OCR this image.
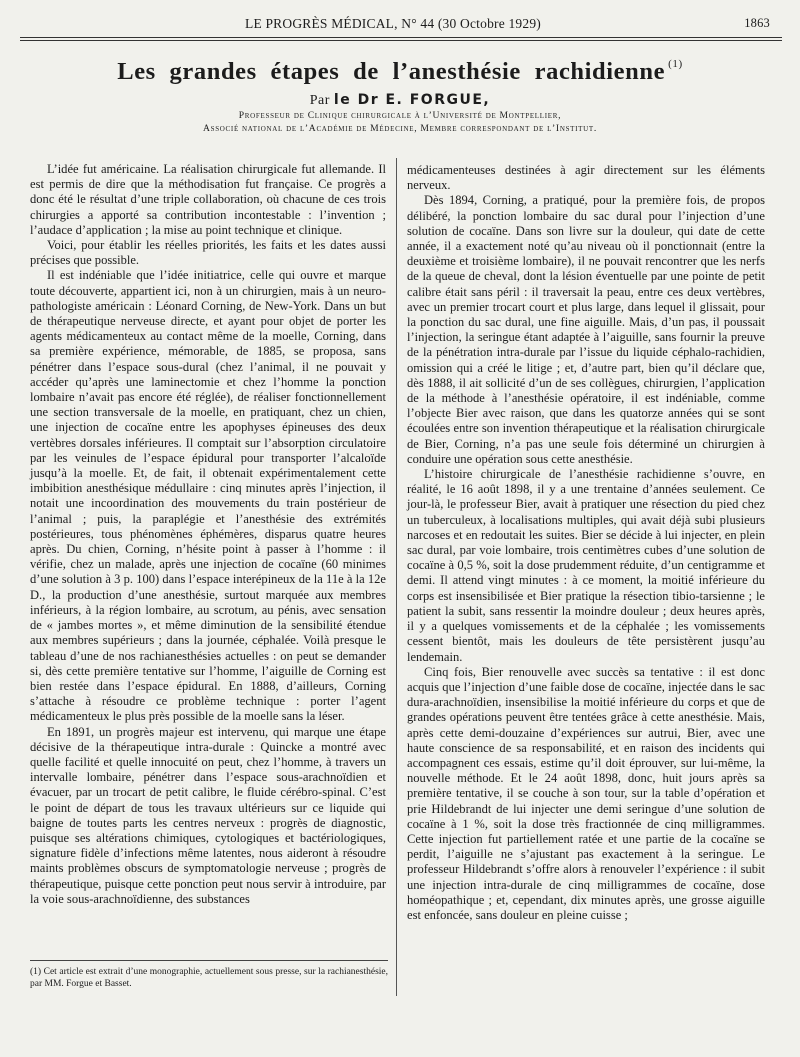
LE PROGRÈS MÉDICAL, N° 44 (30 Octobre 1929)	1863
Les grandes étapes de l’anesthésie rachidienne $^{(1)}$
Par le Dr E. FORGUE,
Professeur de Clinique chirurgicale à l’Université de Montpellier,
Associé national de l’Académie de Médecine, Membre correspondant de l’Institut.

L’idée fut américaine. La réalisation chirurgicale fut allemande. Il est permis de dire que la méthodisation fut française. Ce progrès a donc été le résultat d’une triple collaboration, où chacune de ces trois chirurgies a apporté sa contribution incontestable : l’invention ; l’audace d’application ; la mise au point technique et clinique.

Voici, pour établir les réelles priorités, les faits et les dates aussi précises que possible.

Il est indéniable que l’idée initiatrice, celle qui ouvre et marque toute découverte, appartient ici, non à un chirurgien, mais à un neuro-pathologiste américain : Léonard Corning, de New-York. Dans un but de thérapeutique nerveuse directe, et ayant pour objet de porter les agents médicamenteux au contact même de la moelle, Corning, dans sa première expérience, mémorable, de 1885, se proposa, sans pénétrer dans l’espace sous-dural (chez l’animal, il ne pouvait y accéder qu’après une laminectomie et chez l’homme la ponction lombaire n’avait pas encore été réglée), de réaliser fonctionnellement une section transversale de la moelle, en pratiquant, chez un chien, une injection de cocaïne entre les apophyses épineuses des deux vertèbres dorsales inférieures. Il comptait sur l’absorption circulatoire par les veinules de l’espace épidural pour transporter l’alcaloïde jusqu’à la moelle. Et, de fait, il obtenait expérimentalement cette imbibition anesthésique médullaire : cinq minutes après l’injection, il notait une incoordination des mouvements du train postérieur de l’animal ; puis, la paraplégie et l’anesthésie des extrémités postérieures, tous phénomènes éphémères, disparus quatre heures après. Du chien, Corning, n’hésite point à passer à l’homme : il vérifie, chez un malade, après une injection de cocaïne (60 minimes d’une solution à 3 p. 100) dans l’espace interépineux de la 11e à la 12e D., la production d’une anesthésie, surtout marquée aux membres inférieurs, à la région lombaire, au scrotum, au pénis, avec sensation de « jambes mortes », et même diminution de la sensibilité étendue aux membres supérieurs ; dans la journée, céphalée. Voilà presque le tableau d’une de nos rachianesthésies actuelles : on peut se demander si, dès cette première tentative sur l’homme, l’aiguille de Corning est bien restée dans l’espace épidural. En 1888, d’ailleurs, Corning s’attache à résoudre ce problème technique : porter l’agent médicamenteux le plus près possible de la moelle sans la léser.

En 1891, un progrès majeur est intervenu, qui marque une étape décisive de la thérapeutique intra-durale : Quincke a montré avec quelle facilité et quelle innocuité on peut, chez l’homme, à travers un intervalle lombaire, pénétrer dans l’espace sous-arachnoïdien et évacuer, par un trocart de petit calibre, le fluide cérébro-spinal. C’est le point de départ de tous les travaux ultérieurs sur ce liquide qui baigne de toutes parts les centres nerveux : progrès de diagnostic, puisque ses altérations chimiques, cytologiques et bactériologiques, signature fidèle d’infections même latentes, nous aideront à résoudre maints problèmes obscurs de symptomatologie nerveuse ; progrès de thérapeutique, puisque cette ponction peut nous servir à introduire, par la voie sous-arachnoïdienne, des substances

médicamenteuses destinées à agir directement sur les éléments nerveux.

Dès 1894, Corning, a pratiqué, pour la première fois, de propos délibéré, la ponction lombaire du sac dural pour l’injection d’une solution de cocaïne. Dans son livre sur la douleur, qui date de cette année, il a exactement noté qu’au niveau où il ponctionnait (entre la deuxième et troisième lombaire), il ne pouvait rencontrer que les nerfs de la queue de cheval, dont la lésion éventuelle par une pointe de petit calibre était sans péril : il traversait la peau, entre ces deux vertèbres, avec un premier trocart court et plus large, dans lequel il glissait, pour la ponction du sac dural, une fine aiguille. Mais, d’un pas, il poussait l’injection, la seringue étant adaptée à l’aiguille, sans fournir la preuve de la pénétration intra-durale par l’issue du liquide céphalo-rachidien, omission qui a créé le litige ; et, d’autre part, bien qu’il déclare que, dès 1888, il ait sollicité d’un de ses collègues, chirurgien, l’application de la méthode à l’anesthésie opératoire, il est indéniable, comme l’objecte Bier avec raison, que dans les quatorze années qui se sont écoulées entre son invention thérapeutique et la réalisation chirurgicale de Bier, Corning, n’a pas une seule fois déterminé un chirurgien à conduire une opération sous cette anesthésie.

L’histoire chirurgicale de l’anesthésie rachidienne s’ouvre, en réalité, le 16 août 1898, il y a une trentaine d’années seulement. Ce jour-là, le professeur Bier, avait à pratiquer une résection du pied chez un tuberculeux, à localisations multiples, qui avait déjà subi plusieurs narcoses et en redoutait les suites. Bier se décide à lui injecter, en plein sac dural, par voie lombaire, trois centimètres cubes d’une solution de cocaïne à 0,5 %, soit la dose prudemment réduite, d’un centigramme et demi. Il attend vingt minutes : à ce moment, la moitié inférieure du corps est insensibilisée et Bier pratique la résection tibio-tarsienne ; le patient la subit, sans ressentir la moindre douleur ; deux heures après, il y a quelques vomissements et de la céphalée ; les vomissements cessent bientôt, mais les douleurs de tête persistèrent jusqu’au lendemain.

Cinq fois, Bier renouvelle avec succès sa tentative : il est donc acquis que l’injection d’une faible dose de cocaïne, injectée dans le sac dura-arachnoïdien, insensibilise la moitié inférieure du corps et que de grandes opérations peuvent être tentées grâce à cette anesthésie. Mais, après cette demi-douzaine d’expériences sur autrui, Bier, avec une haute conscience de sa responsabilité, et en raison des incidents qui accompagnent ces essais, estime qu’il doit éprouver, sur lui-même, la nouvelle méthode. Et le 24 août 1898, donc, huit jours après sa première tentative, il se couche à son tour, sur la table d’opération et prie Hildebrandt de lui injecter une demi seringue d’une solution de cocaïne à 1 %, soit la dose très fractionnée de cinq milligrammes. Cette injection fut partiellement ratée et une partie de la cocaïne se perdit, l’aiguille ne s’ajustant pas exactement à la seringue. Le professeur Hildebrandt s’offre alors à renouveler l’expérience : il subit une injection intra-durale de cinq milligrammes de cocaïne, dose homéopathique ; et, cependant, dix minutes après, une grosse aiguille est enfoncée, sans douleur en pleine cuisse ;

(1) Cet article est extrait d’une monographie, actuellement sous presse, sur la rachianesthésie, par MM. Forgue et Basset.
